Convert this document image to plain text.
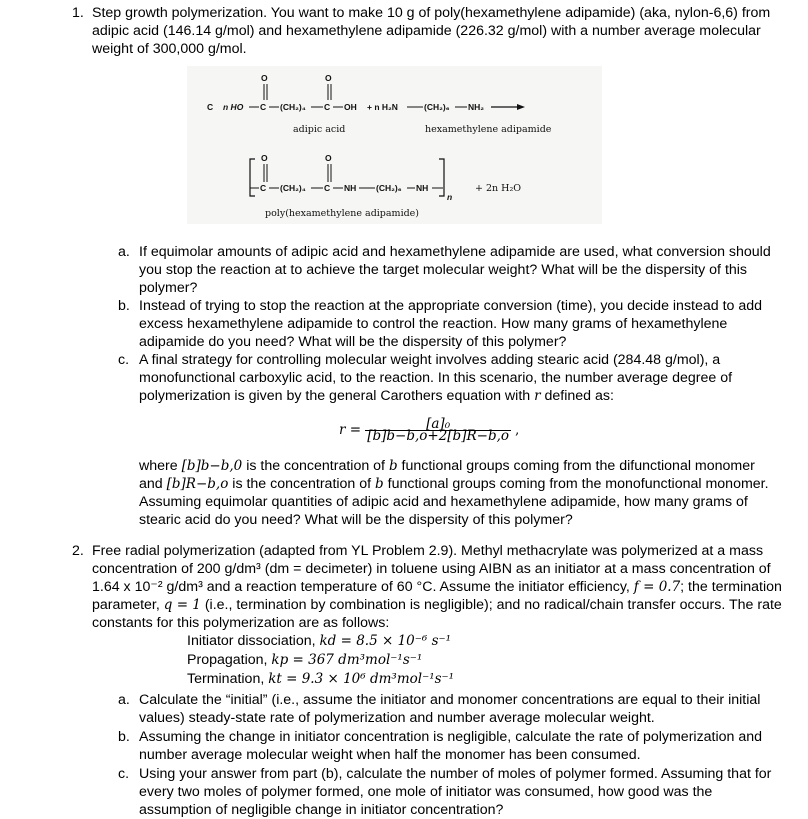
1. Step growth polymerization. You want to make 10 g of poly(hexamethylene adipamide) (aka, nylon-6,6) from adipic acid (146.14 g/mol) and hexamethylene adipamide (226.32 g/mol) with a number average molecular weight of 300,000 g/mol.
C n HO C
O
(CH₂)₄ C
O
OH + n H₂N	(CH₂)₆ NH₂
adipic acid	hexamethylene adipamide
C
O
(CH₂)₄ C
O
NH (CH₂)₆ NH
n
+ 2n H₂O
poly(hexamethylene adipamide)
a. If equimolar amounts of adipic acid and hexamethylene adipamide are used, what conversion should you stop the reaction at to achieve the target molecular weight? What will be the dispersity of this polymer?
b. Instead of trying to stop the reaction at the appropriate conversion (time), you decide instead to add excess hexamethylene adipamide to control the reaction. How many grams of hexamethylene adipamide do you need? What will be the dispersity of this polymer?
c. A final strategy for controlling molecular weight involves adding stearic acid (284.48 g/mol), a monofunctional carboxylic acid, to the reaction. In this scenario, the number average degree of polymerization is given by the general Carothers equation with r defined as:
$r = \frac{\text{[a]₀}}{[b]b-b,o+2[b]R-b,o}$ ,
where [b]b−b,0 is the concentration of b functional groups coming from the difunctional monomer and [b]R−b,o is the concentration of b functional groups coming from the monofunctional monomer. Assuming equimolar quantities of adipic acid and hexamethylene adipamide, how many grams of stearic acid do you need? What will be the dispersity of this polymer?
2. Free radial polymerization (adapted from YL Problem 2.9). Methyl methacrylate was polymerized at a mass concentration of 200 g/dm³ (dm = decimeter) in toluene using AIBN as an initiator at a mass concentration of 1.64 x 10⁻² g/dm³ and a reaction temperature of 60 °C. Assume the initiator efficiency, f = 0.7; the termination parameter, q = 1 (i.e., termination by combination is negligible); and no radical/chain transfer occurs. The rate constants for this polymerization are as follows:
Initiator dissociation, kd = 8.5 × 10⁻⁶ s⁻¹
Propagation, kp = 367 dm³mol⁻¹s⁻¹
Termination, kt = 9.3 × 10⁶ dm³mol⁻¹s⁻¹
a. Calculate the “initial” (i.e., assume the initiator and monomer concentrations are equal to their initial values) steady-state rate of polymerization and number average molecular weight.
b. Assuming the change in initiator concentration is negligible, calculate the rate of polymerization and number average molecular weight when half the monomer has been consumed.
c. Using your answer from part (b), calculate the number of moles of polymer formed. Assuming that for every two moles of polymer formed, one mole of initiator was consumed, how good was the assumption of negligible change in initiator concentration?
